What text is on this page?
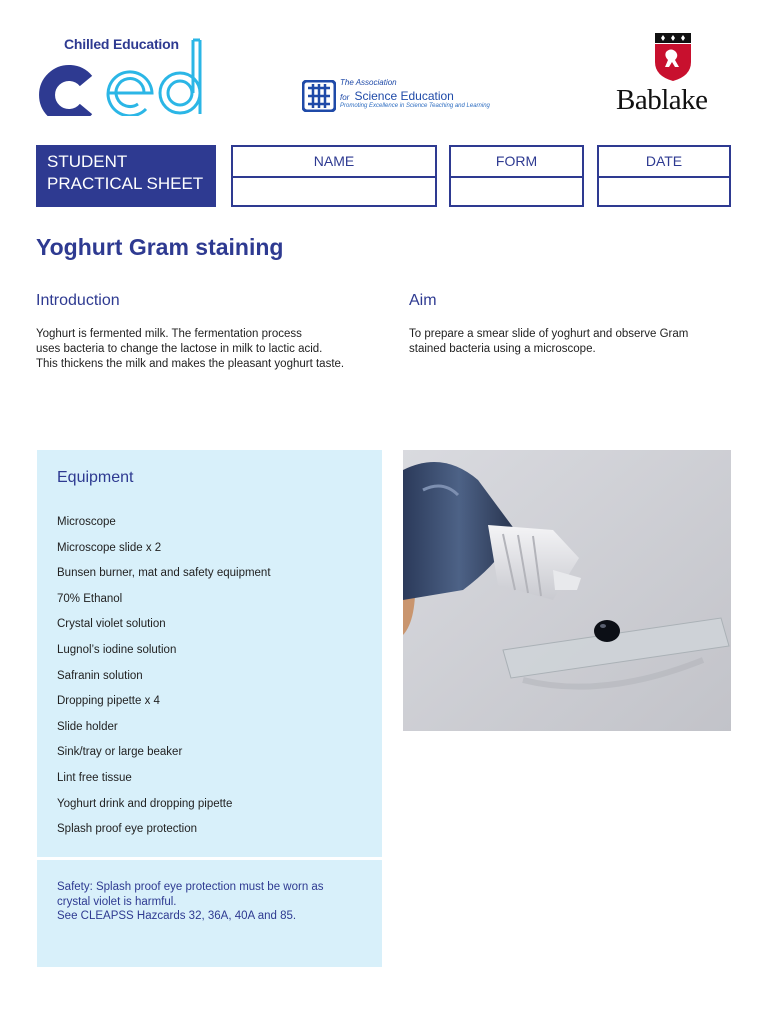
Chilled Education
The Association
for Science Education
Promoting Excellence in Science Teaching and Learning	Bablake
STUDENT
PRACTICAL SHEET
NAME	FORM	DATE
Yoghurt Gram staining
Introduction
Yoghurt is fermented milk. The fermentation process
uses bacteria to change the lactose in milk to lactic acid.
This thickens the milk and makes the pleasant yoghurt taste.
Aim
To prepare a smear slide of yoghurt and observe Gram
stained bacteria using a microscope.
Equipment
Microscope
Microscope slide x 2
Bunsen burner, mat and safety equipment
70% Ethanol
Crystal violet solution
Lugnol’s iodine solution
Safranin solution
Dropping pipette x 4
Slide holder
Sink/tray or large beaker
Lint free tissue
Yoghurt drink and dropping pipette
Splash proof eye protection
Safety: Splash proof eye protection must be worn as
crystal violet is harmful.
See CLEAPSS Hazcards 32, 36A, 40A and 85.
